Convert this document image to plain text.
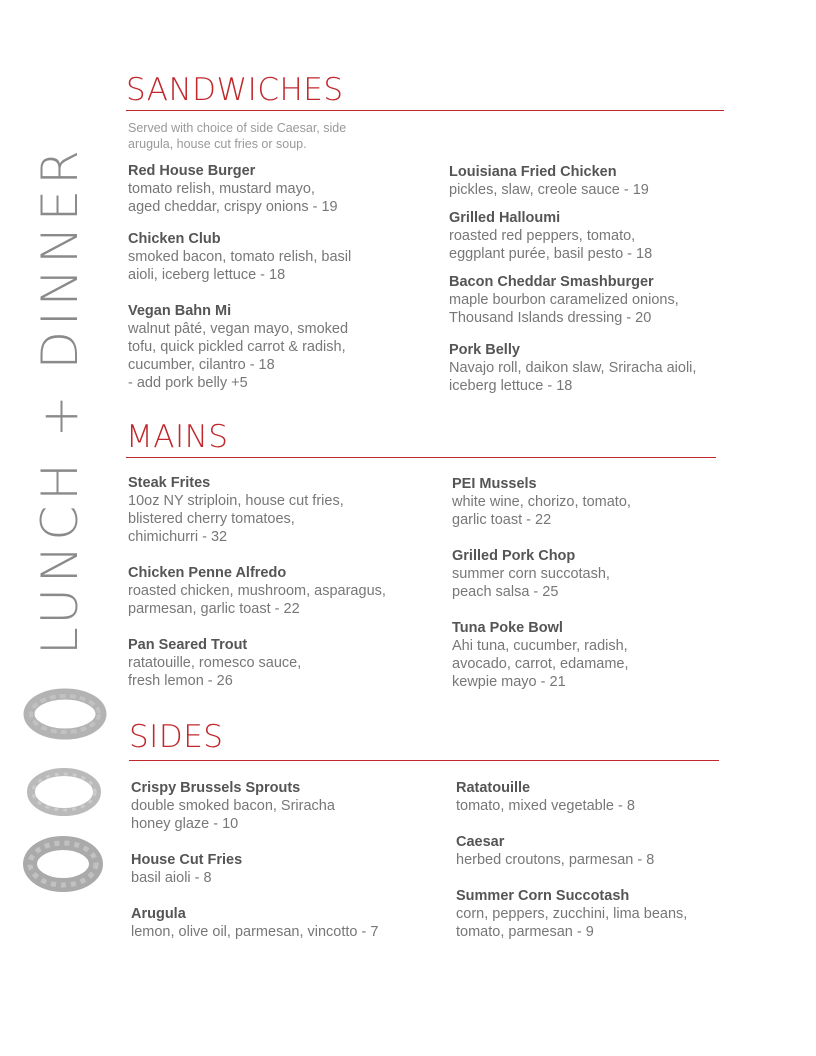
LUNCH + DINNER
SANDWICHES
Served with choice of side Caesar, side
arugula, house cut fries or soup.
Red House Burger
tomato relish, mustard mayo,
aged cheddar, crispy onions - 19
Chicken Club
smoked bacon, tomato relish, basil
aioli, iceberg lettuce - 18
Vegan Bahn Mi
walnut pâté, vegan mayo, smoked
tofu, quick pickled carrot & radish,
cucumber, cilantro - 18
- add pork belly +5
Louisiana Fried Chicken
pickles, slaw, creole sauce - 19
Grilled Halloumi
roasted red peppers, tomato,
eggplant purée, basil pesto - 18
Bacon Cheddar Smashburger
maple bourbon caramelized onions,
Thousand Islands dressing - 20
Pork Belly
Navajo roll, daikon slaw, Sriracha aioli,
iceberg lettuce - 18
MAINS
Steak Frites
10oz NY striploin, house cut fries,
blistered cherry tomatoes,
chimichurri - 32
Chicken Penne Alfredo
roasted chicken, mushroom, asparagus,
parmesan, garlic toast - 22
Pan Seared Trout
ratatouille, romesco sauce,
fresh lemon - 26
PEI Mussels
white wine, chorizo, tomato,
garlic toast - 22
Grilled Pork Chop
summer corn succotash,
peach salsa - 25
Tuna Poke Bowl
Ahi tuna, cucumber, radish,
avocado, carrot, edamame,
kewpie mayo - 21
SIDES
Crispy Brussels Sprouts
double smoked bacon, Sriracha
honey glaze - 10
House Cut Fries
basil aioli - 8
Arugula
lemon, olive oil, parmesan, vincotto - 7
Ratatouille
tomato, mixed vegetable - 8
Caesar
herbed croutons, parmesan - 8
Summer Corn Succotash
corn, peppers, zucchini, lima beans,
tomato, parmesan - 9
